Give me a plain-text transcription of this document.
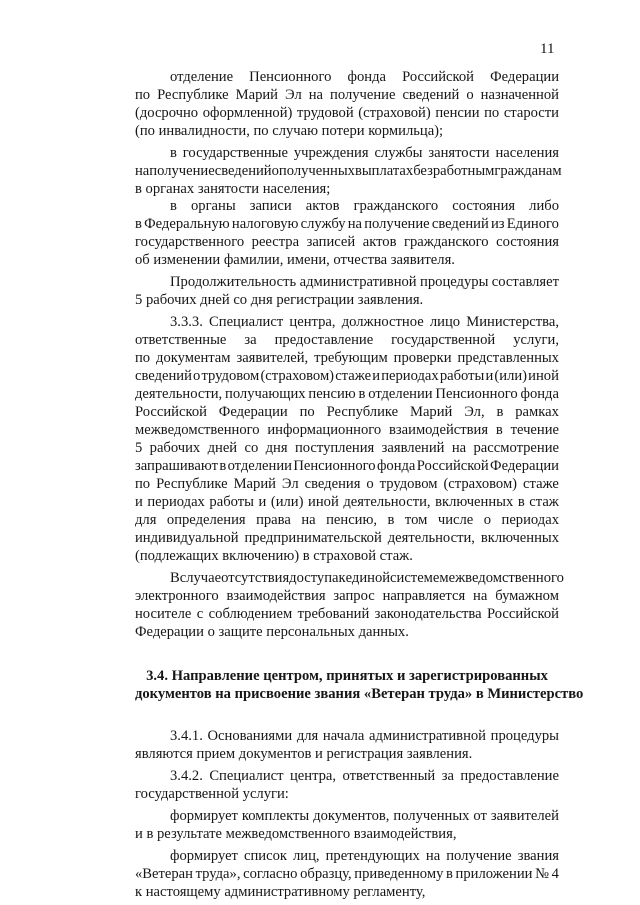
11
отделение Пенсионного фонда Российской Федерации
по Республике Марий Эл на получение сведений о назначенной
(досрочно оформленной) трудовой (страховой) пенсии по старости
(по инвалидности, по случаю потери кормильца);
в государственные учреждения службы занятости населения
на получение сведений о полученных выплатах безработным гражданам
в органах занятости населения;
в органы записи актов гражданского состояния либо
в Федеральную налоговую службу на получение сведений из Единого
государственного реестра записей актов гражданского состояния
об изменении фамилии, имени, отчества заявителя.
Продолжительность административной процедуры составляет
5 рабочих дней со дня регистрации заявления.
3.3.3. Специалист центра, должностное лицо Министерства,
ответственные за предоставление государственной услуги,
по документам заявителей, требующим проверки представленных
сведений о трудовом (страховом) стаже и периодах работы и (или) иной
деятельности, получающих пенсию в отделении Пенсионного фонда
Российской Федерации по Республике Марий Эл, в рамках
межведомственного информационного взаимодействия в течение
5 рабочих дней со дня поступления заявлений на рассмотрение
запрашивают в отделении Пенсионного фонда Российской Федерации
по Республике Марий Эл сведения о трудовом (страховом) стаже
и периодах работы и (или) иной деятельности, включенных в стаж
для определения права на пенсию, в том числе о периодах
индивидуальной предпринимательской деятельности, включенных
(подлежащих включению) в страховой стаж.
В случае отсутствия доступа к единой системе межведомственного
электронного взаимодействия запрос направляется на бумажном
носителе с соблюдением требований законодательства Российской
Федерации о защите персональных данных.
3.4. Направление центром, принятых и зарегистрированных
документов на присвоение звания «Ветеран труда» в Министерство
3.4.1. Основаниями для начала административной процедуры
являются прием документов и регистрация заявления.
3.4.2. Специалист центра, ответственный за предоставление
государственной услуги:
формирует комплекты документов, полученных от заявителей
и в результате межведомственного взаимодействия,
формирует список лиц, претендующих на получение звания
«Ветеран труда», согласно образцу, приведенному в приложении № 4
к настоящему административному регламенту,
